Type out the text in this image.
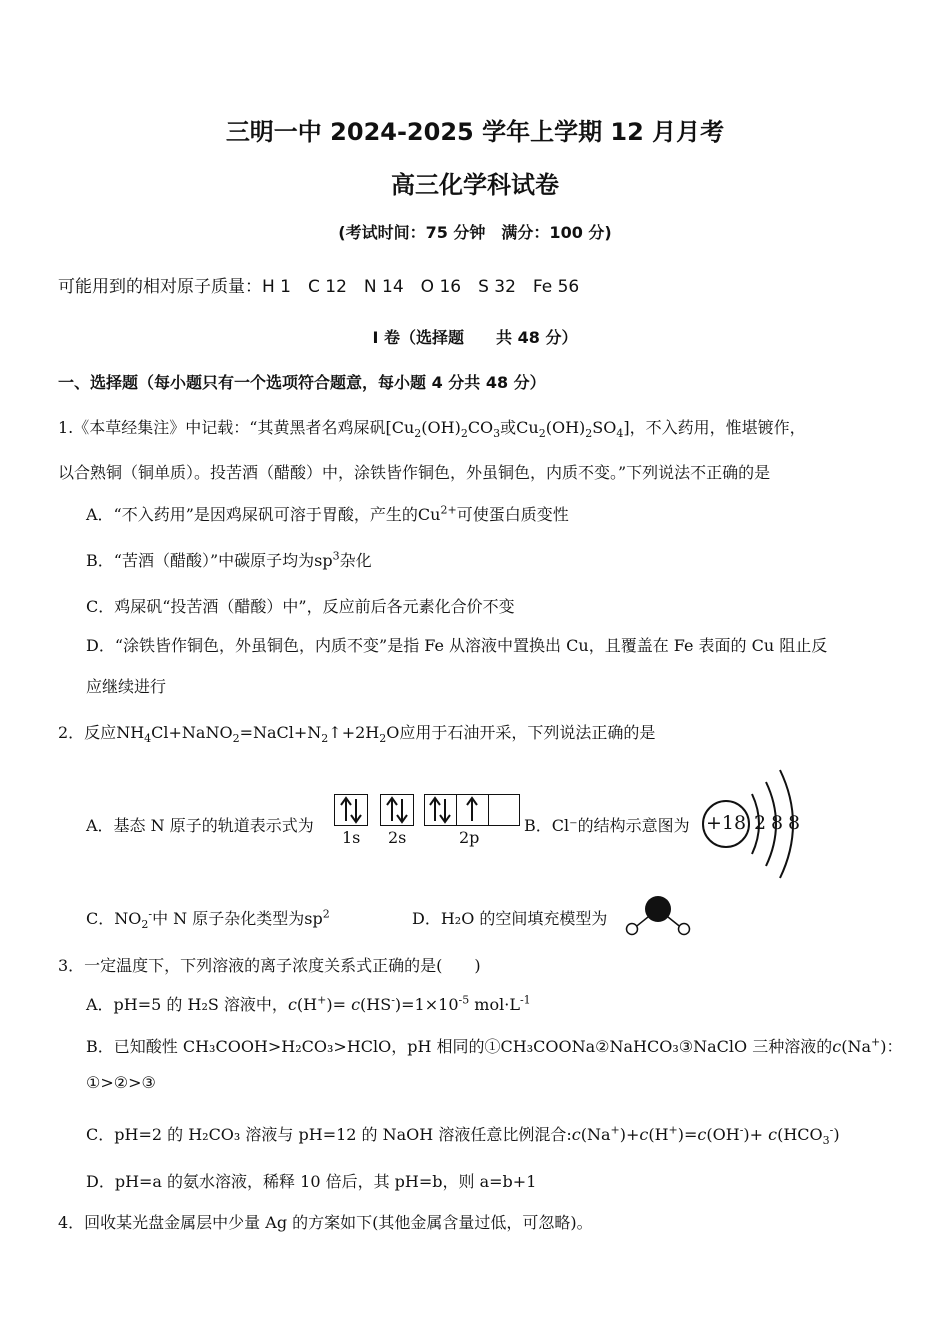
三明一中 2024-2025 学年上学期 12 月月考
高三化学科试卷
(考试时间：75 分钟　满分：100 分)
可能用到的相对原子质量：H 1　C 12　N 14　O 16　S 32　Fe 56
I 卷（选择题　　共 48 分）
一、选择题（每小题只有一个选项符合题意，每小题 4 分共 48 分）
1.《本草经集注》中记载：“其黄黑者名鸡屎矾[$Cu_2(OH)_2CO_3$或$Cu_2(OH)_2SO_4$]，不入药用，惟堪镀作，
以合熟铜（铜单质）。投苦酒（醋酸）中，涂铁皆作铜色，外虽铜色，内质不变。”下列说法不正确的是
A．“不入药用”是因鸡屎矾可溶于胃酸，产生的$Cu^{2+}$可使蛋白质变性
B．“苦酒（醋酸）”中碳原子均为$sp^3$杂化
C．鸡屎矾“投苦酒（醋酸）中”，反应前后各元素化合价不变
D．“涂铁皆作铜色，外虽铜色，内质不变”是指 Fe 从溶液中置换出 Cu，且覆盖在 Fe 表面的 Cu 阻止反
应继续进行
2．反应$NH_4Cl+NaNO_2=NaCl+N_2↑+2H_2O$应用于石油开采，下列说法正确的是
A．基态 N 原子的轨道表示式为
1s 2s	2p
B．Cl⁻的结构示意图为 +18 2 8 8
C．$NO_2^-$中 N 原子杂化类型为$sp^2$	D．H₂O 的空间填充模型为
3．一定温度下，下列溶液的离子浓度关系式正确的是(　　)
A．pH=5 的 H₂S 溶液中，$c(H^+)= c(HS^-)=1\times 10^{-5}$ $mol\cdot L^{-1}$
B．已知酸性 CH₃COOH>H₂CO₃>HClO，pH 相同的①CH₃COONa②NaHCO₃③NaClO 三种溶液的c(Na+)：
①>②>③
C．pH=2 的 H₂CO₃ 溶液与 pH=12 的 NaOH 溶液任意比例混合:c(Na+)+c(H+)=c(OH-)+ $c(HCO_3^-)$
D．pH=a 的氨水溶液，稀释 10 倍后，其 pH=b，则 a=b+1
4．回收某光盘金属层中少量 Ag 的方案如下(其他金属含量过低，可忽略)。
